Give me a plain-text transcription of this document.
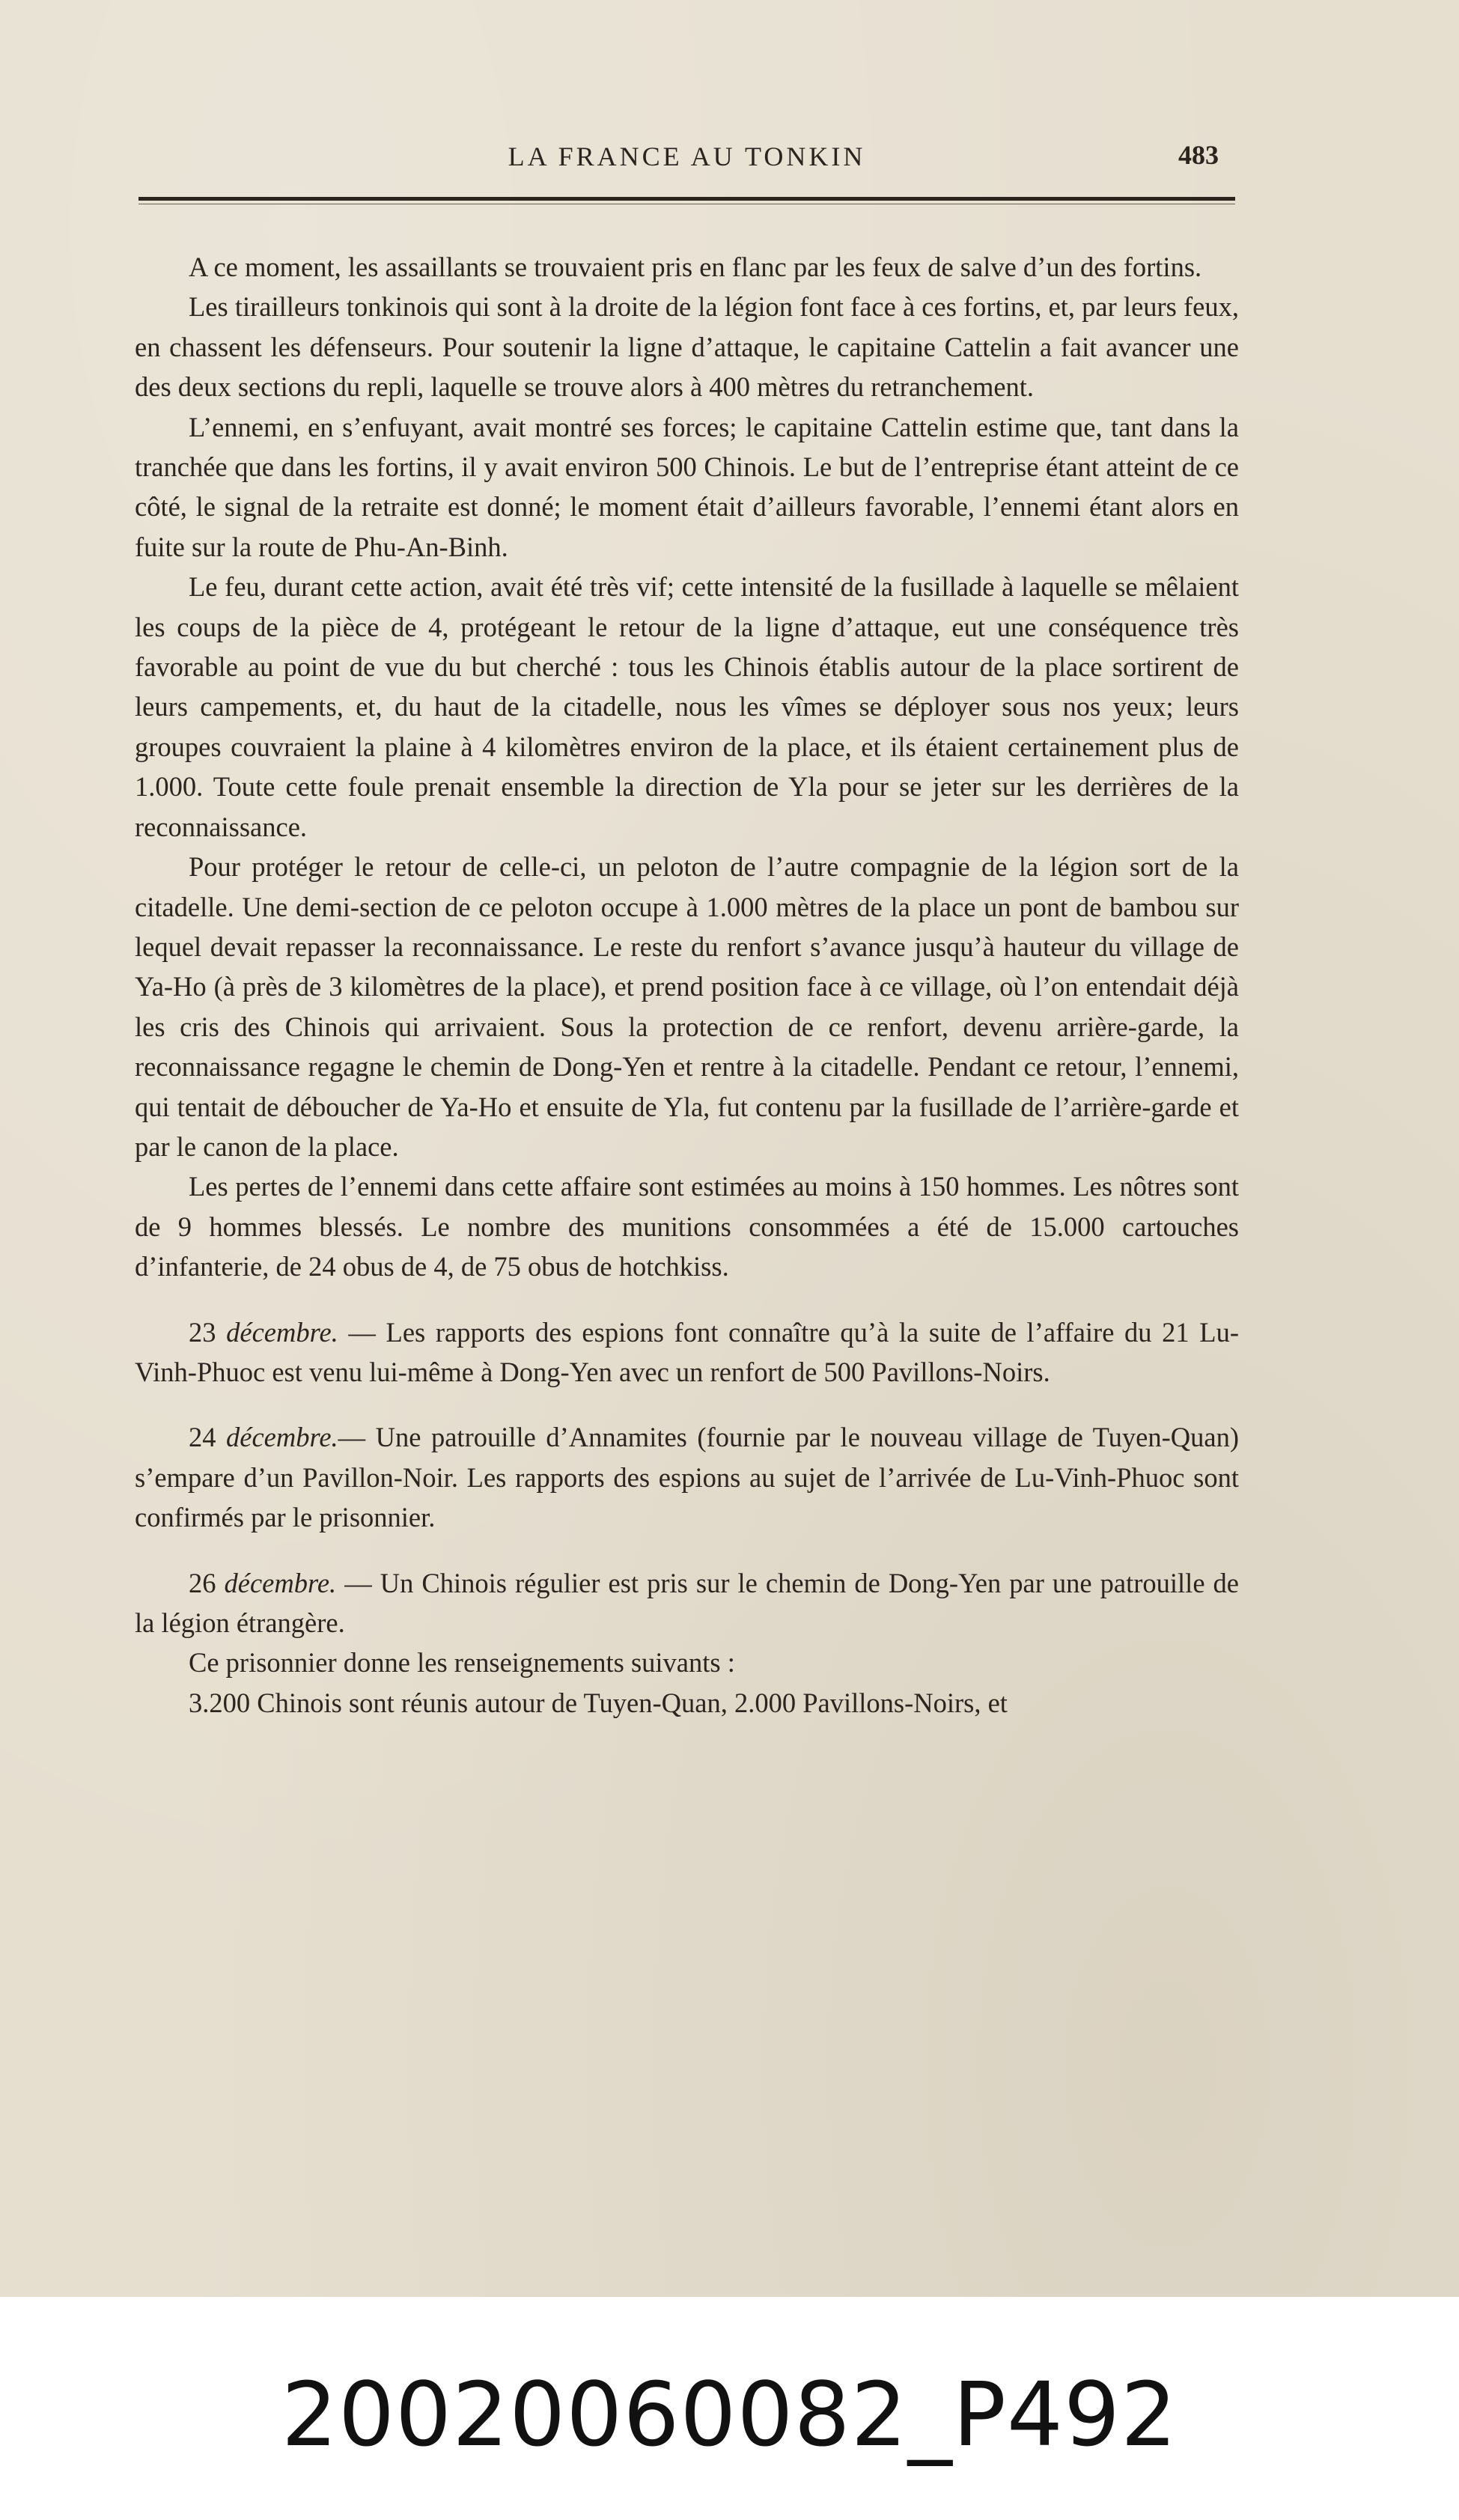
LA FRANCE AU TONKIN	483

A ce moment, les assaillants se trouvaient pris en flanc par les feux de salve d’un des fortins.

Les tirailleurs tonkinois qui sont à la droite de la légion font face à ces fortins, et, par leurs feux, en chassent les défenseurs. Pour soutenir la ligne d’attaque, le capitaine Cattelin a fait avancer une des deux sections du repli, laquelle se trouve alors à 400 mètres du retranchement.

L’ennemi, en s’enfuyant, avait montré ses forces; le capitaine Cattelin estime que, tant dans la tranchée que dans les fortins, il y avait environ 500 Chinois. Le but de l’entreprise étant atteint de ce côté, le signal de la retraite est donné; le moment était d’ailleurs favorable, l’ennemi étant alors en fuite sur la route de Phu-An-Binh.

Le feu, durant cette action, avait été très vif; cette intensité de la fusillade à laquelle se mêlaient les coups de la pièce de 4, protégeant le retour de la ligne d’attaque, eut une conséquence très favorable au point de vue du but cherché : tous les Chinois établis autour de la place sortirent de leurs campements, et, du haut de la citadelle, nous les vîmes se déployer sous nos yeux; leurs groupes couvraient la plaine à 4 kilomètres environ de la place, et ils étaient certainement plus de 1.000. Toute cette foule prenait ensemble la direction de Yla pour se jeter sur les derrières de la reconnaissance.

Pour protéger le retour de celle-ci, un peloton de l’autre compagnie de la légion sort de la citadelle. Une demi-section de ce peloton occupe à 1.000 mètres de la place un pont de bambou sur lequel devait repasser la reconnaissance. Le reste du renfort s’avance jusqu’à hauteur du village de Ya-Ho (à près de 3 kilomètres de la place), et prend position face à ce village, où l’on entendait déjà les cris des Chinois qui arrivaient. Sous la protection de ce renfort, devenu arrière-garde, la reconnaissance regagne le chemin de Dong-Yen et rentre à la citadelle. Pendant ce retour, l’ennemi, qui tentait de déboucher de Ya-Ho et ensuite de Yla, fut contenu par la fusillade de l’arrière-garde et par le canon de la place.

Les pertes de l’ennemi dans cette affaire sont estimées au moins à 150 hommes. Les nôtres sont de 9 hommes blessés. Le nombre des munitions consommées a été de 15.000 cartouches d’infanterie, de 24 obus de 4, de 75 obus de hotchkiss.

23 décembre. — Les rapports des espions font connaître qu’à la suite de l’affaire du 21 Lu-Vinh-Phuoc est venu lui-même à Dong-Yen avec un renfort de 500 Pavillons-Noirs.

24 décembre.— Une patrouille d’Annamites (fournie par le nouveau village de Tuyen-Quan) s’empare d’un Pavillon-Noir. Les rapports des espions au sujet de l’arrivée de Lu-Vinh-Phuoc sont confirmés par le prisonnier.

26 décembre. — Un Chinois régulier est pris sur le chemin de Dong-Yen par une patrouille de la légion étrangère.

Ce prisonnier donne les renseignements suivants :

3.200 Chinois sont réunis autour de Tuyen-Quan, 2.000 Pavillons-Noirs, et

20020060082_P492
